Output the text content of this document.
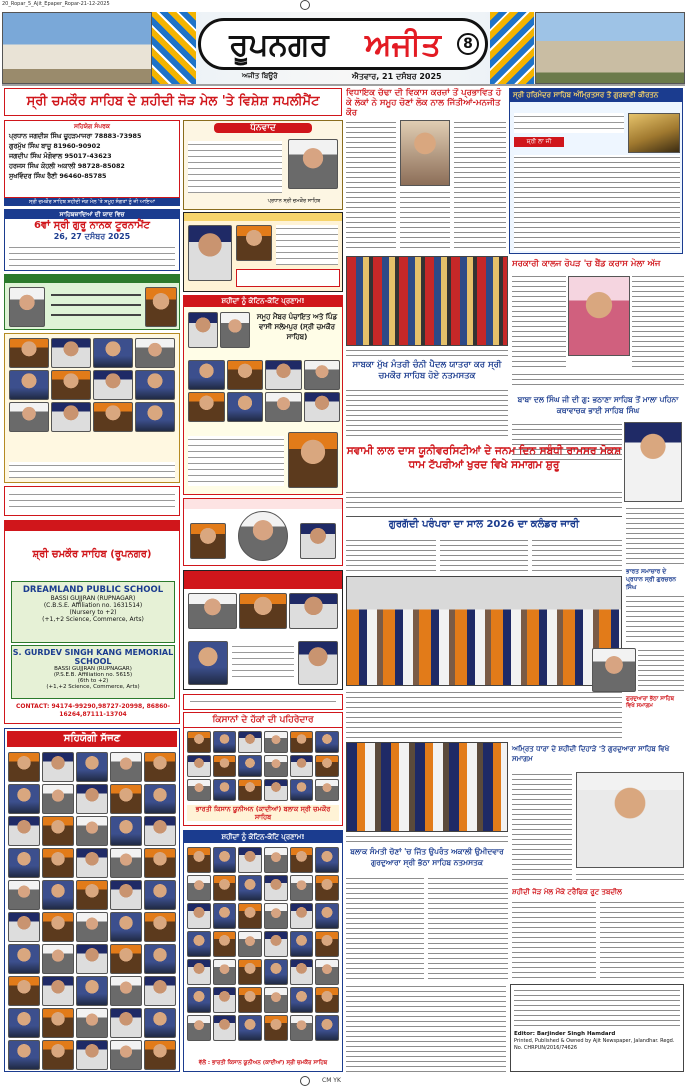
20_Ropar_5_Ajit_Epaper_Ropar-21-12-2025
ਰੂਪਨਗਰ	ਅਜੀਤ	8
ਅਜੀਤ ਬਿਊਰੋ	ਐਤਵਾਰ, 21 ਦਸੰਬਰ 2025
ਸ੍ਰੀ ਚਮਕੌਰ ਸਾਹਿਬ ਦੇ ਸ਼ਹੀਦੀ ਜੋੜ ਮੇਲ 'ਤੇ ਵਿਸ਼ੇਸ਼ ਸਪਲੀਮੈਂਟ
ਸਹਿਯੋਗ ਸੰਪਰਕ
ਪ੍ਰਧਾਨ ਜਗਦੀਸ਼ ਸਿੰਘ ਚੂਹੜਮਾਜਰਾ 78883-73985
ਗੁਰਮੁੱਖ ਸਿੰਘ ਬਾਜੂ 81960-90902
ਜਗਦੀਪ ਸਿੰਘ ਮੰਗੋਵਾਲ 95017-43623
ਹਰਜਸ ਸਿੰਘ ਕੋਹਲੀ ਅਕਾਲੀ 98728-85082
ਸੁਖਵਿੰਦਰ ਸਿੰਘ ਰੈਣੀ 96460-85785
ਸ੍ਰੀ ਚਮਕੌਰ ਸਾਹਿਬ ਸ਼ਹੀਦੀ ਜੋੜ ਮੇਲ 'ਤੇ ਸਮੂਹ ਸੰਗਤਾਂ ਨੂੰ ਜੀ ਆਇਆਂ
ਧੰਨਵਾਦ
ਪ੍ਰਧਾਨ ਸ੍ਰੀ ਚਮਕੌਰ ਸਾਹਿਬ
ਸਾਹਿਬਜ਼ਾਦਿਆਂ ਦੀ ਯਾਦ ਵਿਚ
6ਵਾਂ ਸ੍ਰੀ ਗੁਰੂ ਨਾਨਕ ਟੂਰਨਾਮੈਂਟ
26, 27 ਦਸੰਬਰ 2025
ਸ਼ਹੀਦਾਂ ਨੂੰ ਕੋਟਿਨ-ਕੋਟਿ ਪ੍ਰਣਾਮ!
ਸਮੂਹ ਮੈਂਬਰ ਪੰਚਾਇਤ ਅਤੇ ਪਿੰਡ ਵਾਸੀ ਸਲੇਮਪੁਰ (ਸ੍ਰੀ ਚਮਕੌਰ ਸਾਹਿਬ)
ਸ਼੍ਰੀ ਚਮਕੌਰ ਸਾਹਿਬ (ਰੂਪਨਗਰ)
DREAMLAND PUBLIC SCHOOL
BASSI GUJJRAN (RUPNAGAR)
(C.B.S.E. Affiliation no. 1631514)
(Nursery to +2)
(+1,+2 Science, Commerce, Arts)
S. GURDEV SINGH KANG MEMORIAL SCHOOL
BASSI GUJJRAN (RUPNAGAR)
(P.S.E.B. Affiliation no. 5615)
(6th to +2)
(+1,+2 Science, Commerce, Arts)
CONTACT: 94174-99290,98727-20998, 86860-16264,87111-13704
ਸਹਿਯੋਗੀ ਸੱਜਣ
ਕਿਸਾਨਾਂ ਦੇ ਹੱਕਾਂ ਦੀ ਪਹਿਰੇਦਾਰ
ਭਾਰਤੀ ਕਿਸਾਨ ਯੂਨੀਅਨ (ਕਾਦੀਆਂ) ਬਲਾਕ ਸ੍ਰੀ ਚਮਕੌਰ ਸਾਹਿਬ
ਸ਼ਹੀਦਾਂ ਨੂੰ ਕੋਟਿਨ-ਕੋਟਿ ਪ੍ਰਣਾਮ!
ਵੱਲੋਂ : ਭਾਰਤੀ ਕਿਸਾਨ ਯੂਨੀਅਨ (ਕਾਦੀਆਂ) ਸ੍ਰੀ ਚਮਕੌਰ ਸਾਹਿਬ
ਵਿਧਾਇਕ ਚੱਢਾ ਦੀ ਵਿਕਾਸ ਕਰਜ਼ਾਂ ਤੋਂ ਪ੍ਰਭਾਵਿਤ ਹੋ ਕੇ ਲੋਕਾਂ ਨੇ ਸਮੂਹ ਚੋਣਾਂ ਲੋਕ ਨਾਲ ਜਿੱਤੀਆਂ-ਮਨਜੀਤ ਕੌਰ
ਸ੍ਰੀ ਹਰਿਮੰਦਰ ਸਾਹਿਬ ਅੰਮ੍ਰਿਤਸਰ ਤੋਂ ਗੁਰਬਾਣੀ ਕੀਰਤਨ
ਸ਼੍ਰੀ ਲਾ ਜੀ
ਸਾਬਕਾ ਮੁੱਖ ਮੰਤਰੀ ਚੰਨੀ ਪੈਦਲ ਯਾਤਰਾ ਕਰ ਸ੍ਰੀ ਚਮਕੌਰ ਸਾਹਿਬ ਹੋਏ ਨਤਮਸਤਕ
ਸਰਕਾਰੀ ਕਾਲਜ ਰੋਪੜ 'ਚ ਬੈਂਡ ਕਰਾਸ ਮੇਲਾ ਅੱਜ
ਬਾਬਾ ਦਲ ਸਿੰਘ ਜੀ ਦੀ ਗੁ: ਭਠਾਣਾ ਸਾਹਿਬ ਤੋਂ ਮਾਲਾ ਪਹਿਨਾ ਕਥਾਵਾਚਕ ਭਾਈ ਸਾਹਿਬ ਸਿੰਘ
ਸਵਾਮੀ ਲਾਲ ਦਾਸ ਯੂਨੀਵਰਸਿਟੀਆਂ ਦੇ ਜਨਮ ਦਿਨ ਸਬੰਧੀ ਰਾਮਸਰ ਮੋਕਸ਼ ਧਾਮ ਟੱਪਰੀਆਂ ਖੁਰਦ ਵਿਖੇ ਸਮਾਗਮ ਸ਼ੁਰੂ
ਗੁਰਗੱਦੀ ਪਰੰਪਰਾ ਦਾ ਸਾਲ 2026 ਦਾ ਕਲੰਡਰ ਜਾਰੀ
ਭਾਰਤ ਸਮਾਚਾਰ ਦੇ ਪ੍ਰਧਾਨ ਸ੍ਰੀ ਗੁਰਚਰਨ ਸਿੰਘ
ਗੁਰਦੁਆਰਾ ਭੱਠਾ ਸਾਹਿਬ ਵਿਖੇ ਸਮਾਗਮ
ਬਲਾਕ ਸੰਮਤੀ ਚੋਣਾਂ 'ਚ ਜਿੱਤ ਉਪਰੰਤ ਅਕਾਲੀ ਉਮੀਦਵਾਰ ਗੁਰਦੁਆਰਾ ਸ੍ਰੀ ਭੱਠਾ ਸਾਹਿਬ ਨਤਮਸਤਕ
ਅਮ੍ਰਿਤ ਧਾਰਾ ਦੇ ਸ਼ਹੀਦੀ ਦਿਹਾੜੇ 'ਤੇ ਗੁਰਦੁਆਰਾ ਸਾਹਿਬ ਵਿਖੇ ਸਮਾਗਮ
ਸ਼ਹੀਦੀ ਜੋੜ ਮੇਲ ਮੌਕੇ ਟਰੈਫਿਕ ਰੂਟ ਤਬਦੀਲ
Editor: Barjinder Singh Hamdard
Printed, Published & Owned by Ajit Newspaper, Jalandhar. Regd. No. CHRPUN/2016/74626
CM YK
